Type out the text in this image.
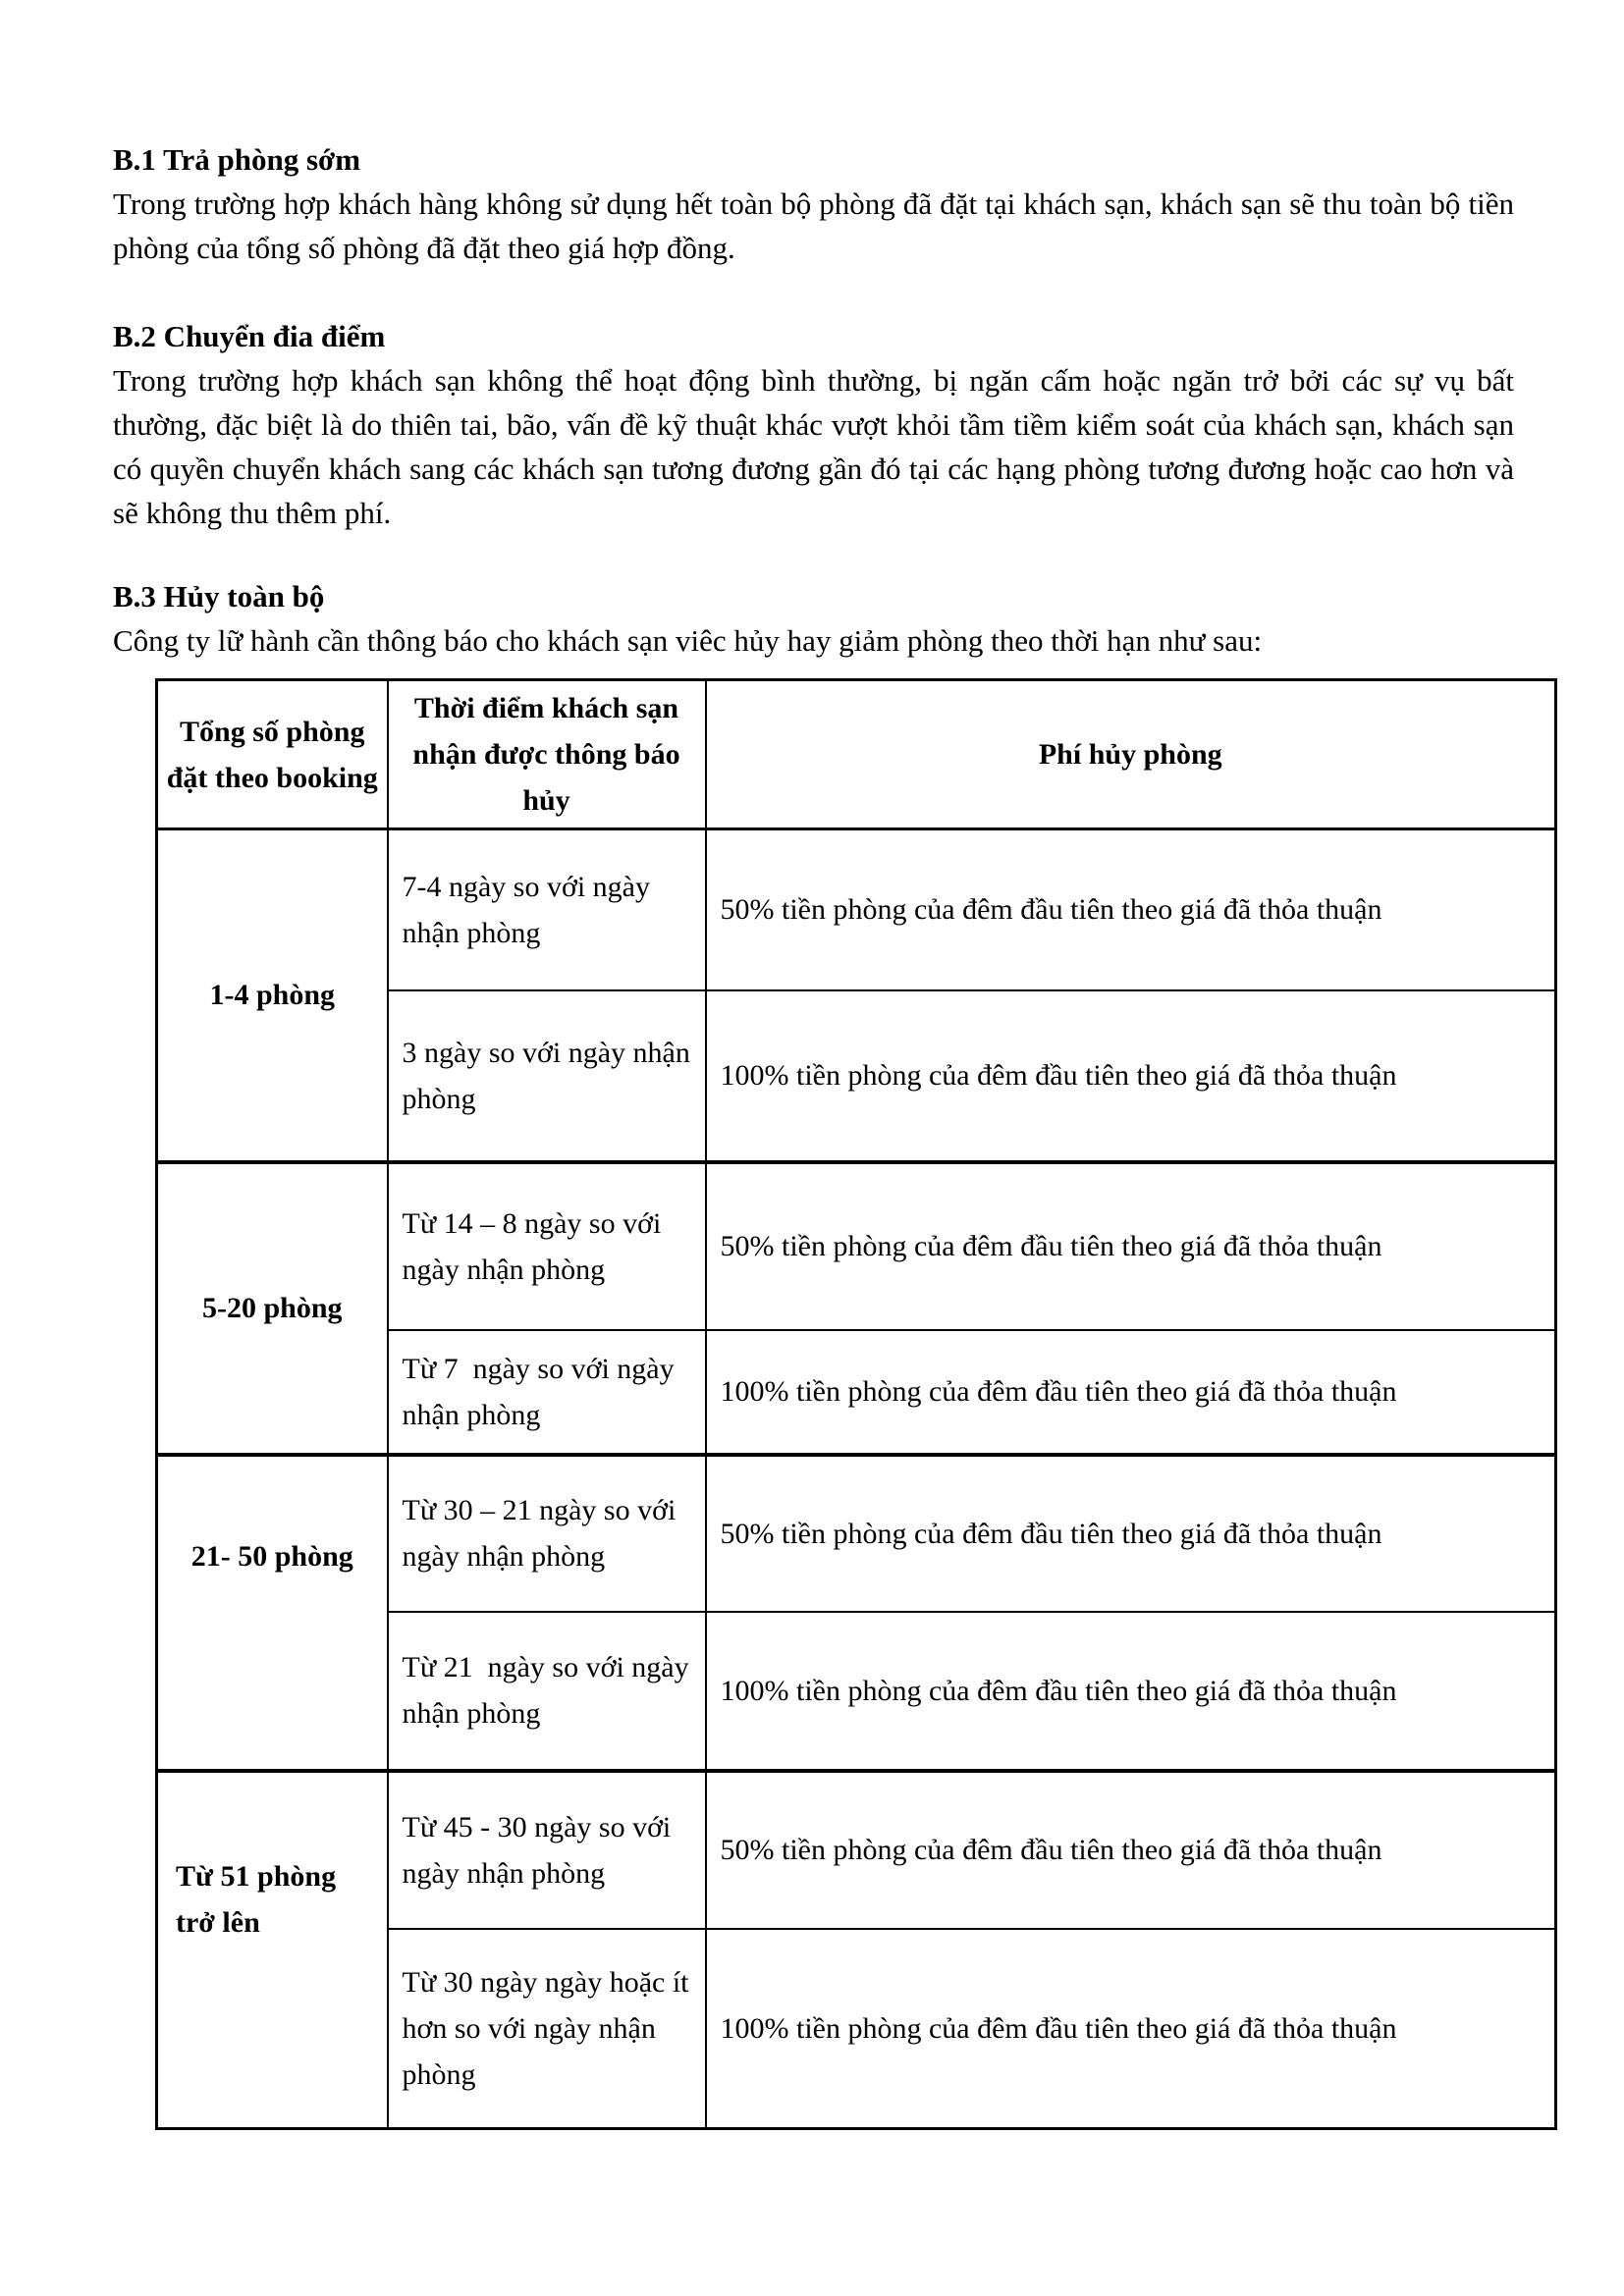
B.1 Trả phòng sớm

Trong trường hợp khách hàng không sử dụng hết toàn bộ phòng đã đặt tại khách sạn, khách sạn sẽ thu toàn bộ tiền phòng của tổng số phòng đã đặt theo giá hợp đồng.

B.2 Chuyển đia điểm

Trong trường hợp khách sạn không thể hoạt động bình thường, bị ngăn cấm hoặc ngăn trở bởi các sự vụ bất thường, đặc biệt là do thiên tai, bão, vấn đề kỹ thuật khác vượt khỏi tầm tiềm kiểm soát của khách sạn, khách sạn có quyền chuyển khách sang các khách sạn tương đương gần đó tại các hạng phòng tương đương hoặc cao hơn và sẽ không thu thêm phí.

B.3 Hủy toàn bộ

Công ty lữ hành cần thông báo cho khách sạn viêc hủy hay giảm phòng theo thời hạn như sau:

Tổng số phòng đặt theo booking	Thời điểm khách sạn nhận được thông báo hủy	Phí hủy phòng
1-4 phòng	7-4 ngày so với ngày nhận phòng	50% tiền phòng của đêm đầu tiên theo giá đã thỏa thuận
	3 ngày so với ngày nhận phòng	100% tiền phòng của đêm đầu tiên theo giá đã thỏa thuận
5-20 phòng	Từ 14 – 8 ngày so với ngày nhận phòng	50% tiền phòng của đêm đầu tiên theo giá đã thỏa thuận
	Từ 7  ngày so với ngày nhận phòng	100% tiền phòng của đêm đầu tiên theo giá đã thỏa thuận
21- 50 phòng	Từ 30 – 21 ngày so với ngày nhận phòng	50% tiền phòng của đêm đầu tiên theo giá đã thỏa thuận
	Từ 21  ngày so với ngày nhận phòng	100% tiền phòng của đêm đầu tiên theo giá đã thỏa thuận
Từ 51 phòng trở lên	Từ 45 - 30 ngày so với ngày nhận phòng	50% tiền phòng của đêm đầu tiên theo giá đã thỏa thuận
	Từ 30 ngày ngày hoặc ít hơn so với ngày nhận phòng	100% tiền phòng của đêm đầu tiên theo giá đã thỏa thuận
